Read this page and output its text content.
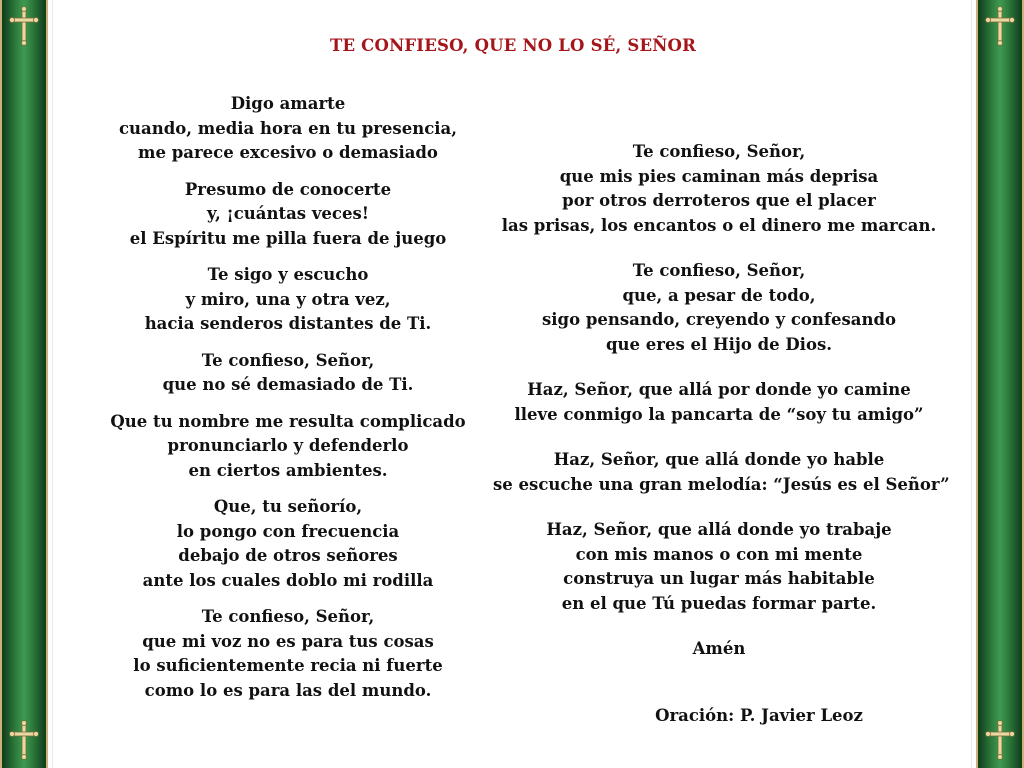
TE CONFIESO, QUE NO LO SÉ, SEÑOR
Digo amarte
cuando, media hora en tu presencia,
me parece excesivo o demasiado
Presumo de conocerte
y, ¡cuántas veces!
el Espíritu me pilla fuera de juego
Te sigo y escucho
y miro, una y otra vez,
hacia senderos distantes de Ti.
Te confieso, Señor,
que no sé demasiado de Ti.
Que tu nombre me resulta complicado
pronunciarlo y defenderlo
en ciertos ambientes.
Que, tu señorío,
lo pongo con frecuencia
debajo de otros señores
ante los cuales doblo mi rodilla
Te confieso, Señor,
que mi voz no es para tus cosas
lo suficientemente recia ni fuerte
como lo es para las del mundo.
Te confieso, Señor,
que mis pies caminan más deprisa
por otros derroteros que el placer
las prisas, los encantos o el dinero me marcan.
Te confieso, Señor,
que, a pesar de todo,
sigo pensando, creyendo y confesando
que eres el Hijo de Dios.
Haz, Señor, que allá por donde yo camine
lleve conmigo la pancarta de “soy tu amigo”
Haz, Señor, que allá donde yo hable
se escuche una gran melodía: “Jesús es el Señor”
Haz, Señor, que allá donde yo trabaje
con mis manos o con mi mente
construya un lugar más habitable
en el que Tú puedas formar parte.
Amén
Oración: P. Javier Leoz
